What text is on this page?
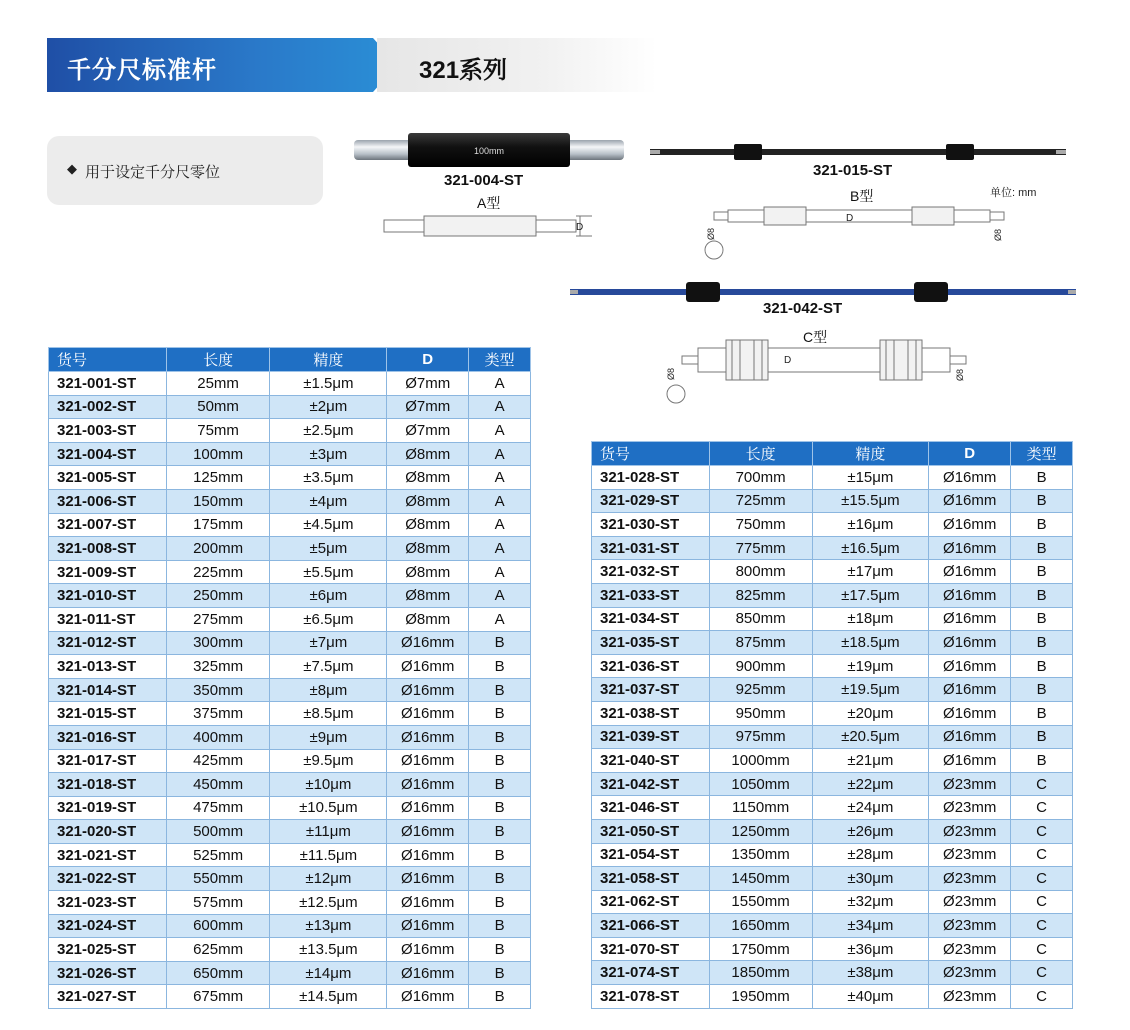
千分尺标准杆	321系列
◆ 用于设定千分尺零位
100mm
321-004-ST
A型
D
321-015-ST
B型	单位: mm
D
Ø8	Ø8
321-042-ST
C型
D
Ø8	Ø8
货号	长度	精度	D	类型
321-001-ST	25mm	±1.5μm	Ø7mm	A
321-002-ST	50mm	±2μm	Ø7mm	A
321-003-ST	75mm	±2.5μm	Ø7mm	A
321-004-ST	100mm	±3μm	Ø8mm	A
321-005-ST	125mm	±3.5μm	Ø8mm	A
321-006-ST	150mm	±4μm	Ø8mm	A
321-007-ST	175mm	±4.5μm	Ø8mm	A
321-008-ST	200mm	±5μm	Ø8mm	A
321-009-ST	225mm	±5.5μm	Ø8mm	A
321-010-ST	250mm	±6μm	Ø8mm	A
321-011-ST	275mm	±6.5μm	Ø8mm	A
321-012-ST	300mm	±7μm	Ø16mm	B
321-013-ST	325mm	±7.5μm	Ø16mm	B
321-014-ST	350mm	±8μm	Ø16mm	B
321-015-ST	375mm	±8.5μm	Ø16mm	B
321-016-ST	400mm	±9μm	Ø16mm	B
321-017-ST	425mm	±9.5μm	Ø16mm	B
321-018-ST	450mm	±10μm	Ø16mm	B
321-019-ST	475mm	±10.5μm	Ø16mm	B
321-020-ST	500mm	±11μm	Ø16mm	B
321-021-ST	525mm	±11.5μm	Ø16mm	B
321-022-ST	550mm	±12μm	Ø16mm	B
321-023-ST	575mm	±12.5μm	Ø16mm	B
321-024-ST	600mm	±13μm	Ø16mm	B
321-025-ST	625mm	±13.5μm	Ø16mm	B
321-026-ST	650mm	±14μm	Ø16mm	B
321-027-ST	675mm	±14.5μm	Ø16mm	B
货号	长度	精度	D	类型
321-028-ST	700mm	±15μm	Ø16mm	B
321-029-ST	725mm	±15.5μm	Ø16mm	B
321-030-ST	750mm	±16μm	Ø16mm	B
321-031-ST	775mm	±16.5μm	Ø16mm	B
321-032-ST	800mm	±17μm	Ø16mm	B
321-033-ST	825mm	±17.5μm	Ø16mm	B
321-034-ST	850mm	±18μm	Ø16mm	B
321-035-ST	875mm	±18.5μm	Ø16mm	B
321-036-ST	900mm	±19μm	Ø16mm	B
321-037-ST	925mm	±19.5μm	Ø16mm	B
321-038-ST	950mm	±20μm	Ø16mm	B
321-039-ST	975mm	±20.5μm	Ø16mm	B
321-040-ST	1000mm	±21μm	Ø16mm	B
321-042-ST	1050mm	±22μm	Ø23mm	C
321-046-ST	1150mm	±24μm	Ø23mm	C
321-050-ST	1250mm	±26μm	Ø23mm	C
321-054-ST	1350mm	±28μm	Ø23mm	C
321-058-ST	1450mm	±30μm	Ø23mm	C
321-062-ST	1550mm	±32μm	Ø23mm	C
321-066-ST	1650mm	±34μm	Ø23mm	C
321-070-ST	1750mm	±36μm	Ø23mm	C
321-074-ST	1850mm	±38μm	Ø23mm	C
321-078-ST	1950mm	±40μm	Ø23mm	C
